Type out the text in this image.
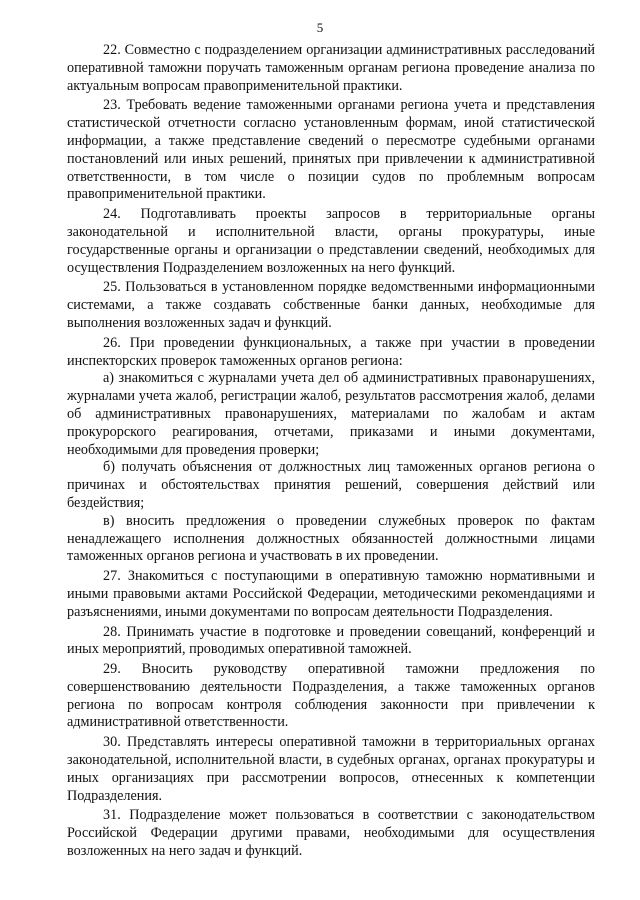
5

22. Совместно с подразделением организации административных расследований оперативной таможни поручать таможенным органам региона проведение анализа по актуальным вопросам правоприменительной практики.

23. Требовать ведение таможенными органами региона учета и представления статистической отчетности согласно установленным формам, иной статистической информации, а также представление сведений о пересмотре судебными органами постановлений или иных решений, принятых при привлечении к административной ответственности, в том числе о позиции судов по проблемным вопросам правоприменительной практики.

24. Подготавливать проекты запросов в территориальные органы законодательной и исполнительной власти, органы прокуратуры, иные государственные органы и организации о представлении сведений, необходимых для осуществления Подразделением возложенных на него функций.

25. Пользоваться в установленном порядке ведомственными информационными системами, а также создавать собственные банки данных, необходимые для выполнения возложенных задач и функций.

26. При проведении функциональных, а также при участии в проведении инспекторских проверок таможенных органов региона:

а) знакомиться с журналами учета дел об административных правонарушениях, журналами учета жалоб, регистрации жалоб, результатов рассмотрения жалоб, делами об административных правонарушениях, материалами по жалобам и актам прокурорского реагирования, отчетами, приказами и иными документами, необходимыми для проведения проверки;

б) получать объяснения от должностных лиц таможенных органов региона о причинах и обстоятельствах принятия решений, совершения действий или бездействия;

в) вносить предложения о проведении служебных проверок по фактам ненадлежащего исполнения должностных обязанностей должностными лицами таможенных органов региона и участвовать в их проведении.

27. Знакомиться с поступающими в оперативную таможню нормативными и иными правовыми актами Российской Федерации, методическими рекомендациями и разъяснениями, иными документами по вопросам деятельности Подразделения.

28. Принимать участие в подготовке и проведении совещаний, конференций и иных мероприятий, проводимых оперативной таможней.

29. Вносить руководству оперативной таможни предложения по совершенствованию деятельности Подразделения, а также таможенных органов региона по вопросам контроля соблюдения законности при привлечении к административной ответственности.

30. Представлять интересы оперативной таможни в территориальных органах законодательной, исполнительной власти, в судебных органах, органах прокуратуры и иных организациях при рассмотрении вопросов, отнесенных к компетенции Подразделения.

31. Подразделение может пользоваться в соответствии с законодательством Российской Федерации другими правами, необходимыми для осуществления возложенных на него задач и функций.
